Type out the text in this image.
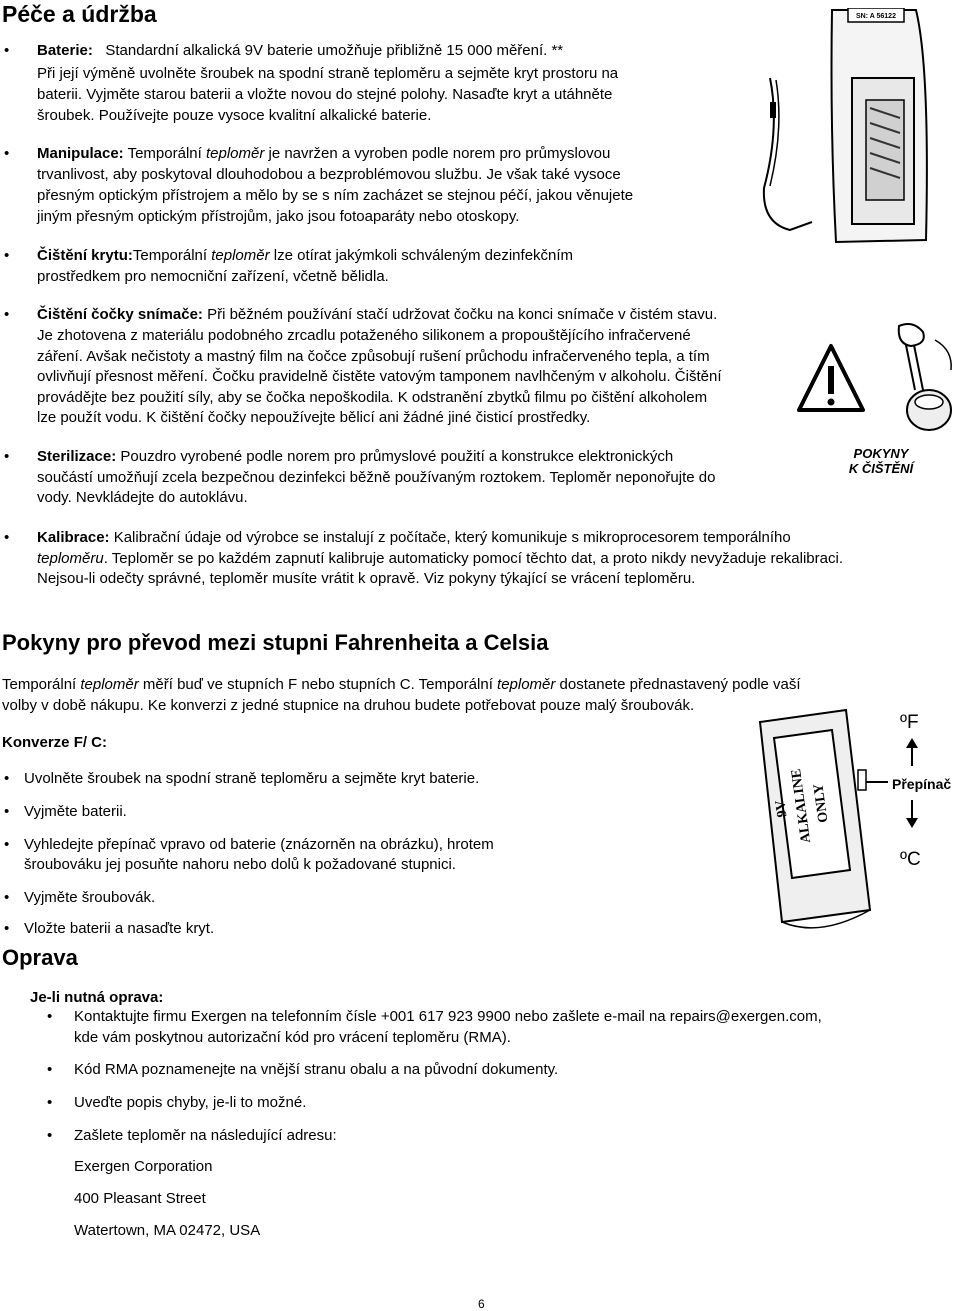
Péče a údržba
• Baterie: Standardní alkalická 9V baterie umožňuje přibližně 15 000 měření. **

Při její výměně uvolněte šroubek na spodní straně teploměru a sejměte kryt prostoru na

baterii. Vyjměte starou baterii a vložte novou do stejné polohy. Nasaďte kryt a utáhněte

šroubek. Používejte pouze vysoce kvalitní alkalické baterie.

• Manipulace: Temporální teploměr je navržen a vyroben podle norem pro průmyslovou

trvanlivost, aby poskytoval dlouhodobou a bezproblémovou službu. Je však také vysoce

přesným optickým přístrojem a mělo by se s ním zacházet se stejnou péčí, jakou věnujete

jiným přesným optickým přístrojům, jako jsou fotoaparáty nebo otoskopy.

• Čištění krytu:Temporální teploměr lze otírat jakýmkoli schváleným dezinfekčním

prostředkem pro nemocniční zařízení, včetně bělidla.

• Čištění čočky snímače: Při běžném používání stačí udržovat čočku na konci snímače v čistém stavu.

Je zhotovena z materiálu podobného zrcadlu potaženého silikonem a propouštějícího infračervené

záření. Avšak nečistoty a mastný film na čočce způsobují rušení průchodu infračerveného tepla, a tím

ovlivňují přesnost měření. Čočku pravidelně čistěte vatovým tamponem navlhčeným v alkoholu. Čištění

provádějte bez použití síly, aby se čočka nepoškodila. K odstranění zbytků filmu po čištění alkoholem

lze použít vodu. K čištění čočky nepoužívejte bělicí ani žádné jiné čisticí prostředky.

• Sterilizace: Pouzdro vyrobené podle norem pro průmyslové použití a konstrukce elektronických

součástí umožňují zcela bezpečnou dezinfekci běžně používaným roztokem. Teploměr neponořujte do

vody. Nevkládejte do autoklávu.

• Kalibrace: Kalibrační údaje od výrobce se instalují z počítače, který komunikuje s mikroprocesorem temporálního

teploměru. Teploměr se po každém zapnutí kalibruje automaticky pomocí těchto dat, a proto nikdy nevyžaduje rekalibraci.

Nejsou-li odečty správné, teploměr musíte vrátit k opravě. Viz pokyny týkající se vrácení teploměru.

SN: A 56122
POKYNY
K ČIŠTĚNÍ
Pokyny pro převod mezi stupni Fahrenheita a Celsia

Temporální teploměr měří buď ve stupních F nebo stupních C. Temporální teploměr dostanete přednastavený podle vaší

volby v době nákupu. Ke konverzi z jedné stupnice na druhou budete potřebovat pouze malý šroubovák.

Konverze F/ C:

• Uvolněte šroubek na spodní straně teploměru a sejměte kryt baterie.

• Vyjměte baterii.

• Vyhledejte přepínač vpravo od baterie (znázorněn na obrázku), hrotem

šroubováku jej posuňte nahoru nebo dolů k požadované stupnici.

• Vyjměte šroubovák.

• Vložte baterii a nasaďte kryt.

9V
ALKALINE
ONLY
ºF
Přepínač
ºC
Oprava

Je-li nutná oprava:

• Kontaktujte firmu Exergen na telefonním čísle +001 617 923 9900 nebo zašlete e-mail na repairs@exergen.com,

kde vám poskytnou autorizační kód pro vrácení teploměru (RMA).

• Kód RMA poznamenejte na vnější stranu obalu a na původní dokumenty.

• Uveďte popis chyby, je-li to možné.

• Zašlete teploměr na následující adresu:

Exergen Corporation

400 Pleasant Street

Watertown, MA 02472, USA

6
